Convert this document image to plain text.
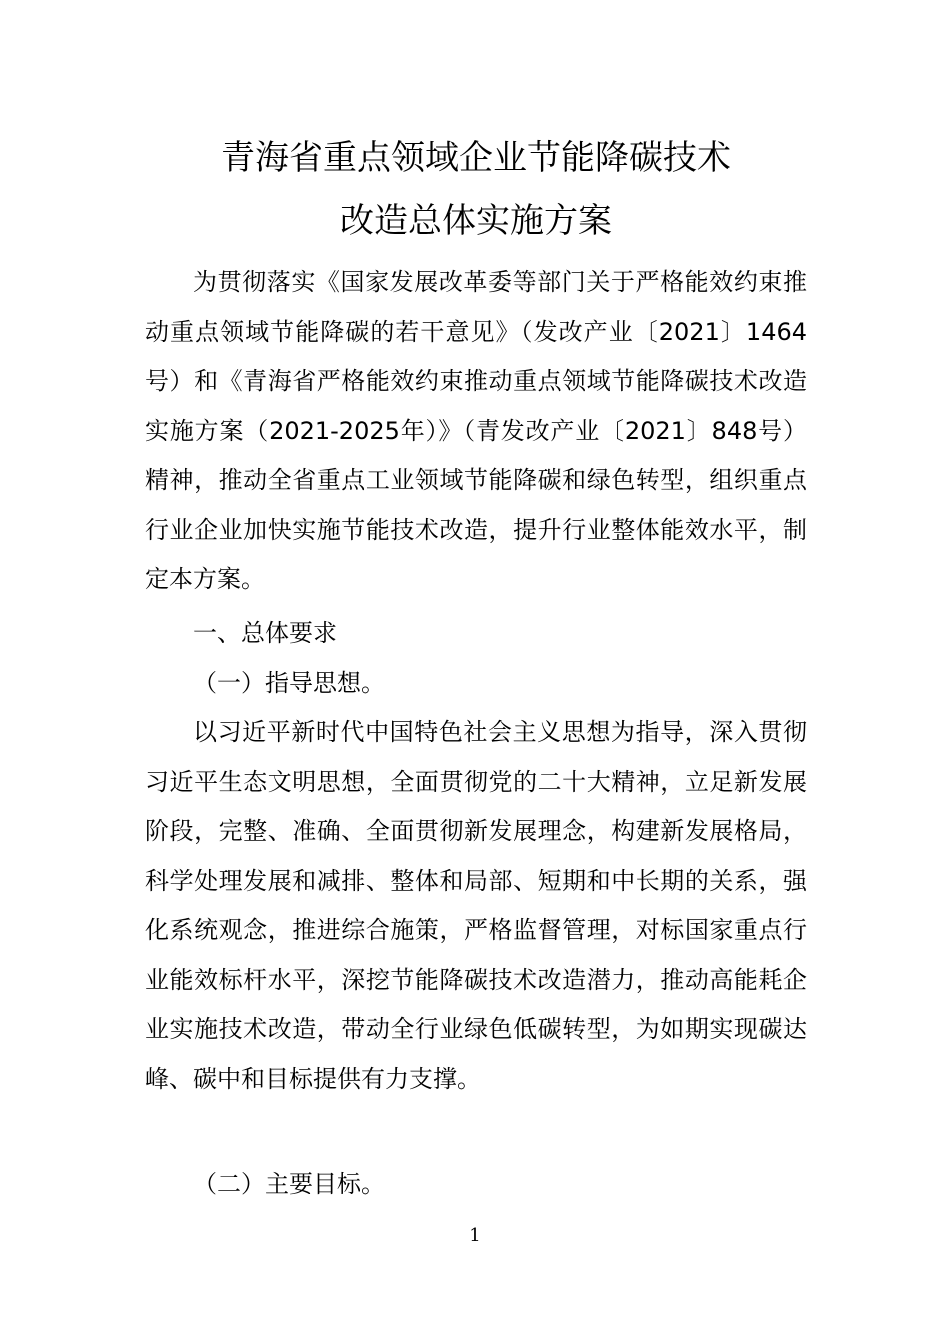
青海省重点领域企业节能降碳技术
改造总体实施方案

为贯彻落实《国家发展改革委等部门关于严格能效约束推动重点领域节能降碳的若干意见》（发改产业〔2021〕1464号）和《青海省严格能效约束推动重点领域节能降碳技术改造实施方案（2021-2025年）》（青发改产业〔2021〕848号）精神，推动全省重点工业领域节能降碳和绿色转型，组织重点行业企业加快实施节能技术改造，提升行业整体能效水平，制定本方案。

一、总体要求
（一）指导思想。

以习近平新时代中国特色社会主义思想为指导，深入贯彻习近平生态文明思想，全面贯彻党的二十大精神，立足新发展阶段，完整、准确、全面贯彻新发展理念，构建新发展格局，科学处理发展和减排、整体和局部、短期和中长期的关系，强化系统观念，推进综合施策，严格监督管理，对标国家重点行业能效标杆水平，深挖节能降碳技术改造潜力，推动高能耗企业实施技术改造，带动全行业绿色低碳转型，为如期实现碳达峰、碳中和目标提供有力支撑。

（二）主要目标。
1
